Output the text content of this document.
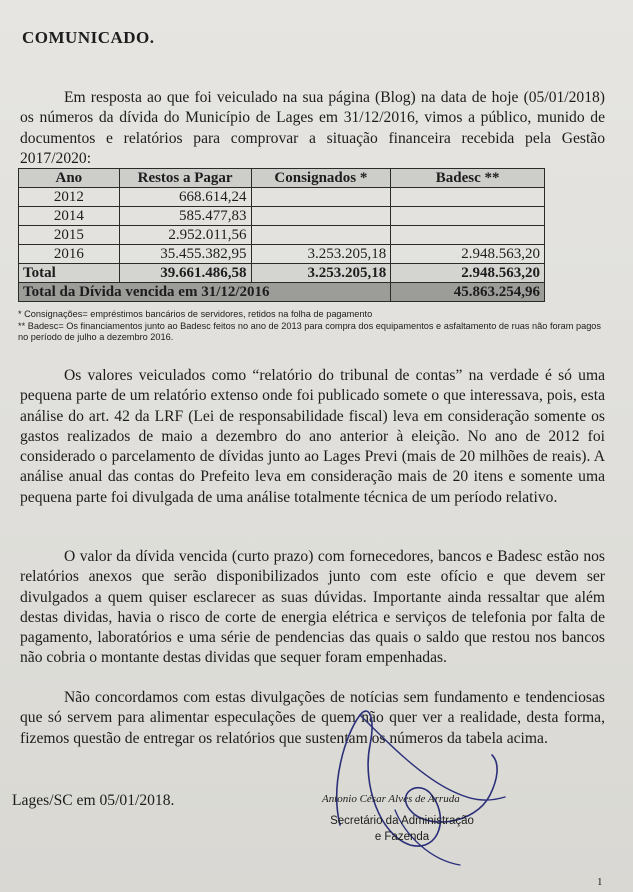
COMUNICADO.

Em resposta ao que foi veiculado na sua página (Blog) na data de hoje (05/01/2018) os números da dívida do Município de Lages em 31/12/2016, vimos a público, munido de documentos e relatórios para comprovar a situação financeira recebida pela Gestão 2017/2020:

Ano	Restos a Pagar	Consignados *	Badesc **
2012	668.614,24		
2014	585.477,83		
2015	2.952.011,56		
2016	35.455.382,95	3.253.205,18	2.948.563,20
Total	39.661.486,58	3.253.205,18	2.948.563,20
Total da Dívida vencida em 31/12/2016			45.863.254,96
* Consignações= empréstimos bancários de servidores, retidos na folha de pagamento
** Badesc= Os financiamentos junto ao Badesc feitos no ano de 2013 para compra dos equipamentos e asfaltamento de ruas não foram pagos no período de julho a dezembro 2016.

Os valores veiculados como “relatório do tribunal de contas” na verdade é só uma pequena parte de um relatório extenso onde foi publicado somete o que interessava, pois, esta análise do art. 42 da LRF (Lei de responsabilidade fiscal) leva em consideração somente os gastos realizados de maio a dezembro do ano anterior à eleição. No ano de 2012 foi considerado o parcelamento de dívidas junto ao Lages Previ (mais de 20 milhões de reais). A análise anual das contas do Prefeito leva em consideração mais de 20 itens e somente uma pequena parte foi divulgada de uma análise totalmente técnica de um período relativo.

O valor da dívida vencida (curto prazo) com fornecedores, bancos e Badesc estão nos relatórios anexos que serão disponibilizados junto com este ofício e que devem ser divulgados a quem quiser esclarecer as suas dúvidas. Importante ainda ressaltar que além destas dividas, havia o risco de corte de energia elétrica e serviços de telefonia por falta de pagamento, laboratórios e uma série de pendencias das quais o saldo que restou nos bancos não cobria o montante destas dividas que sequer foram empenhadas.

Não concordamos com estas divulgações de notícias sem fundamento e tendenciosas que só servem para alimentar especulações de quem não quer ver a realidade, desta forma, fizemos questão de entregar os relatórios que sustentam os números da tabela acima.

Lages/SC em 05/01/2018.	Antonio César Alves de Arruda
Secretário da Administração
e Fazenda
1
